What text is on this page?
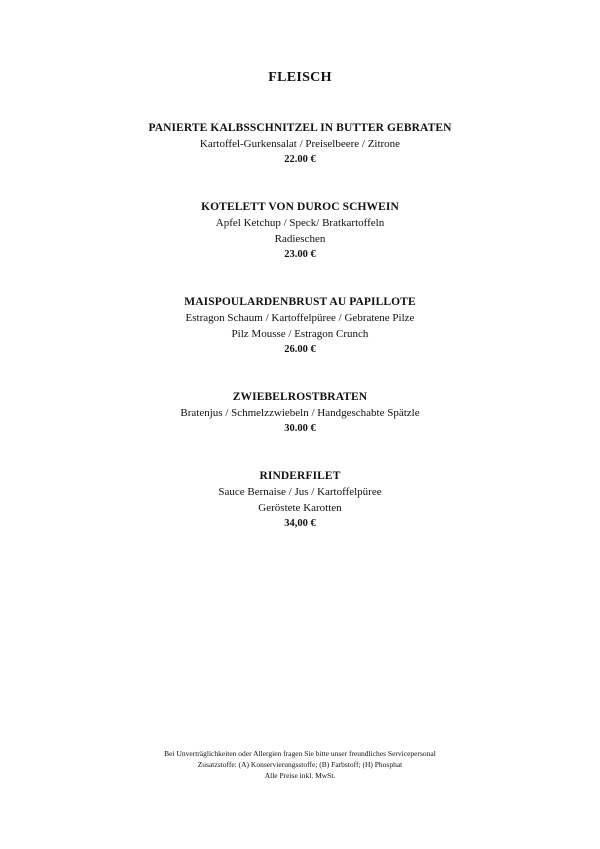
FLEISCH
PANIERTE KALBSSCHNITZEL IN BUTTER GEBRATEN
Kartoffel-Gurkensalat / Preiselbeere / Zitrone
22.00 €
KOTELETT VON DUROC SCHWEIN
Apfel Ketchup / Speck/ Bratkartoffeln
Radieschen
23.00 €
MAISPOULARDENBRUST AU PAPILLOTE
Estragon Schaum / Kartoffelpüree / Gebratene Pilze
Pilz Mousse / Estragon Crunch
26.00 €
ZWIEBELROSTBRATEN
Bratenjus / Schmelzzwiebeln / Handgeschabte Spätzle
30.00 €
RINDERFILET
Sauce Bernaise / Jus / Kartoffelpüree
Geröstete Karotten
34,00 €
Bei Unverträglichkeiten oder Allergien fragen Sie bitte unser freundliches Servicepersonal
Zusatzstoffe: (A) Konservierungsstoffe; (B) Farbstoff; (H) Phosphat
Alle Preise inkl. MwSt.
